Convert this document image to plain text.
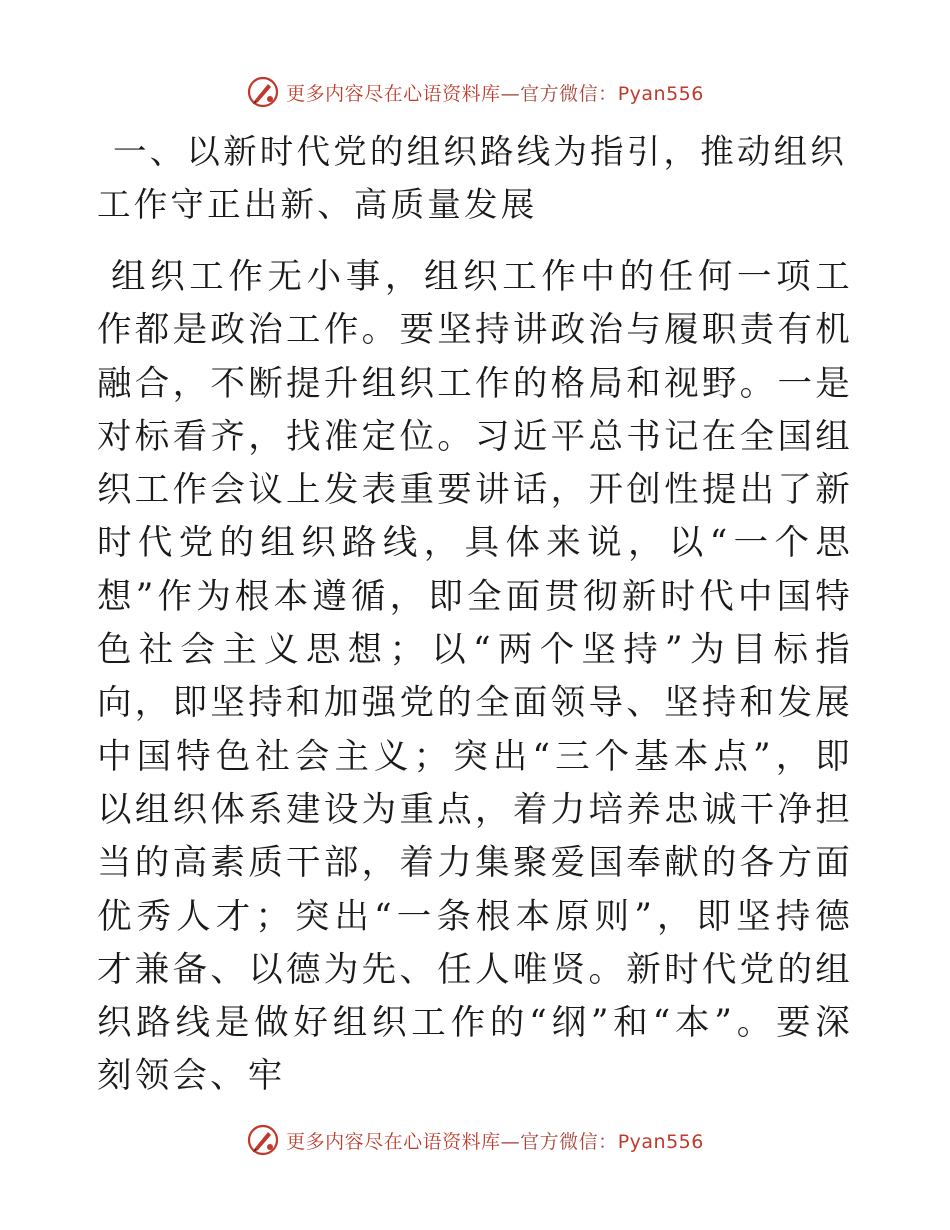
更多内容尽在心语资料库—官方微信：Pyan556
一、以新时代党的组织路线为指引，推动组织工作守正出新、高质量发展

组织工作无小事，组织工作中的任何一项工作都是政治工作。要坚持讲政治与履职责有机融合，不断提升组织工作的格局和视野。一是对标看齐，找准定位。习近平总书记在全国组织工作会议上发表重要讲话，开创性提出了新时代党的组织路线，具体来说，以“一个思想”作为根本遵循，即全面贯彻新时代中国特色社会主义思想；以“两个坚持”为目标指向，即坚持和加强党的全面领导、坚持和发展中国特色社会主义；突出“三个基本点”，即以组织体系建设为重点，着力培养忠诚干净担当的高素质干部，着力集聚爱国奉献的各方面优秀人才；突出“一条根本原则”，即坚持德才兼备、以德为先、任人唯贤。新时代党的组织路线是做好组织工作的“纲”和“本”。要深刻领会、牢

更多内容尽在心语资料库—官方微信：Pyan556
